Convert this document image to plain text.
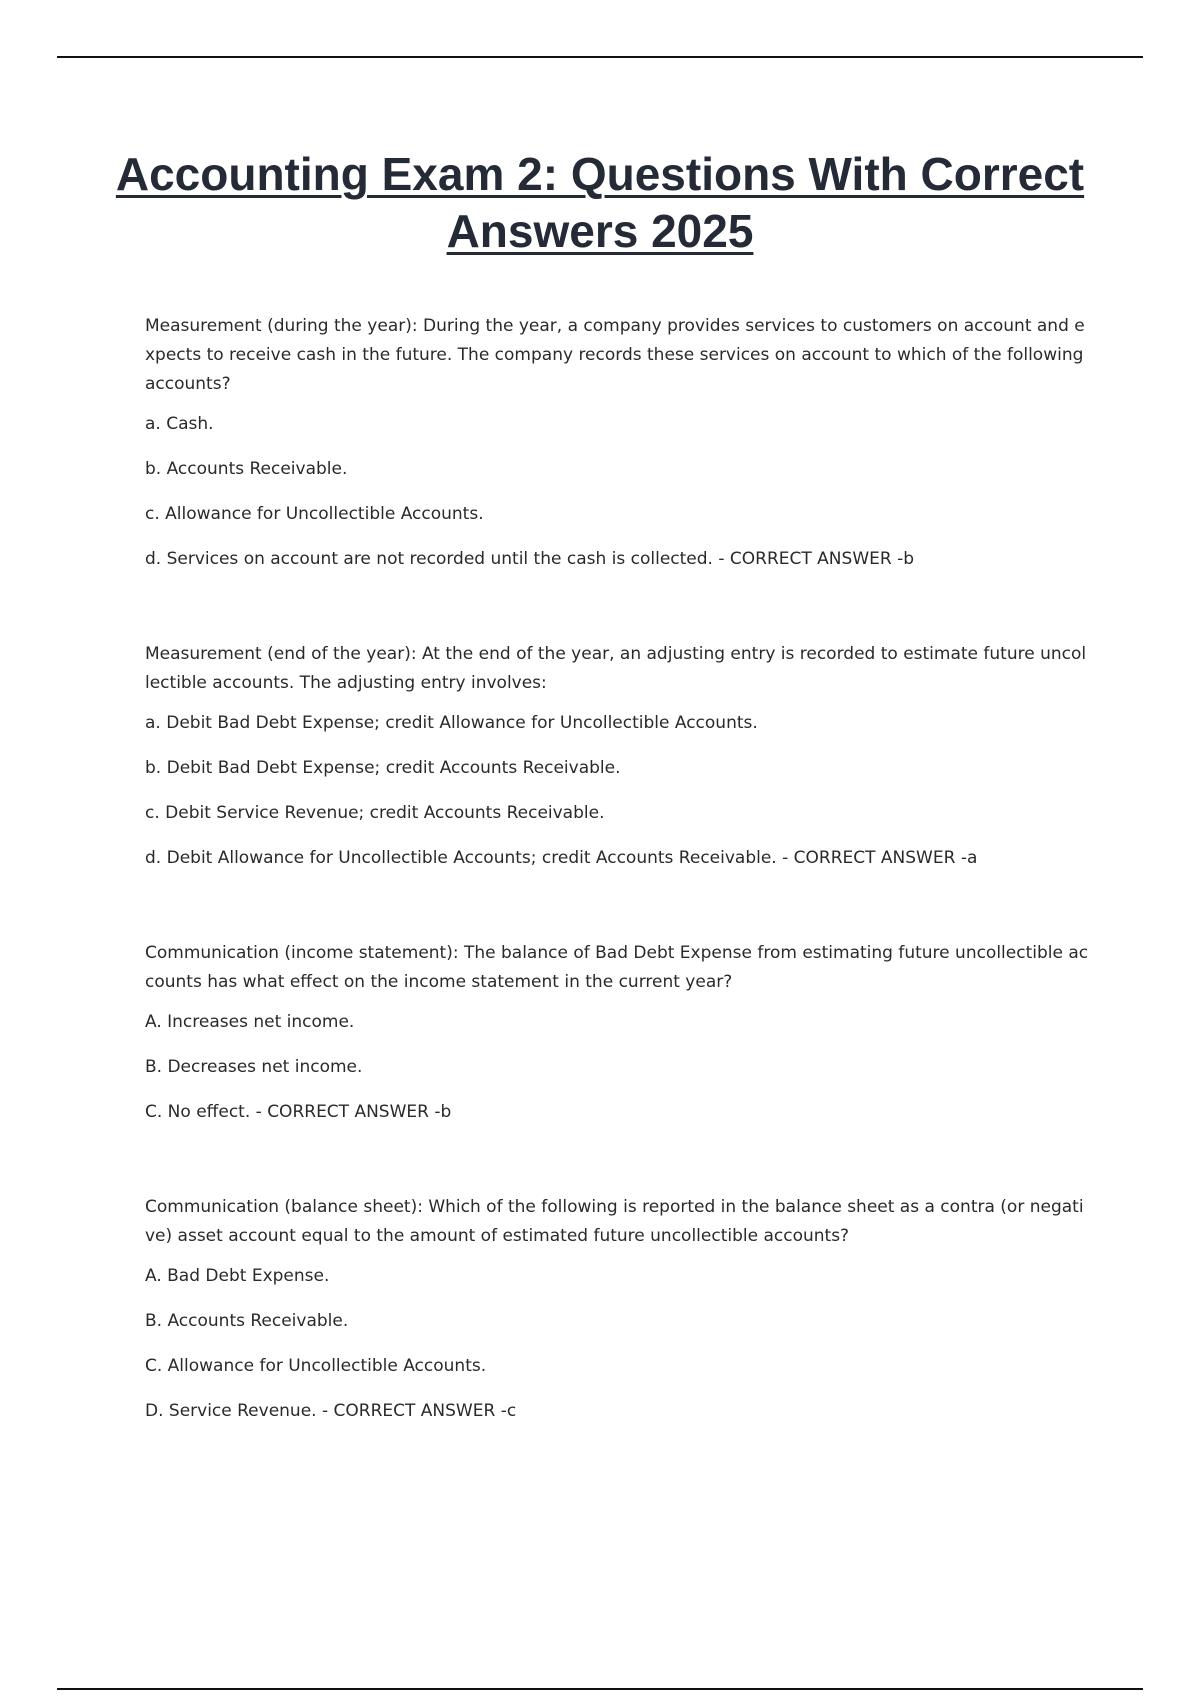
Accounting Exam 2: Questions With Correct Answers 2025

Measurement (during the year): During the year, a company provides services to customers on account and expects to receive cash in the future. The company records these services on account to which of the following accounts?

a. Cash.
b. Accounts Receivable.
c. Allowance for Uncollectible Accounts.
d. Services on account are not recorded until the cash is collected. - CORRECT ANSWER -b

Measurement (end of the year): At the end of the year, an adjusting entry is recorded to estimate future uncollectible accounts. The adjusting entry involves:

a. Debit Bad Debt Expense; credit Allowance for Uncollectible Accounts.
b. Debit Bad Debt Expense; credit Accounts Receivable.
c. Debit Service Revenue; credit Accounts Receivable.
d. Debit Allowance for Uncollectible Accounts; credit Accounts Receivable. - CORRECT ANSWER -a

Communication (income statement): The balance of Bad Debt Expense from estimating future uncollectible accounts has what effect on the income statement in the current year?

A. Increases net income.
B. Decreases net income.
C. No effect. - CORRECT ANSWER -b

Communication (balance sheet): Which of the following is reported in the balance sheet as a contra (or negative) asset account equal to the amount of estimated future uncollectible accounts?

A. Bad Debt Expense.
B. Accounts Receivable.
C. Allowance for Uncollectible Accounts.
D. Service Revenue. - CORRECT ANSWER -c
